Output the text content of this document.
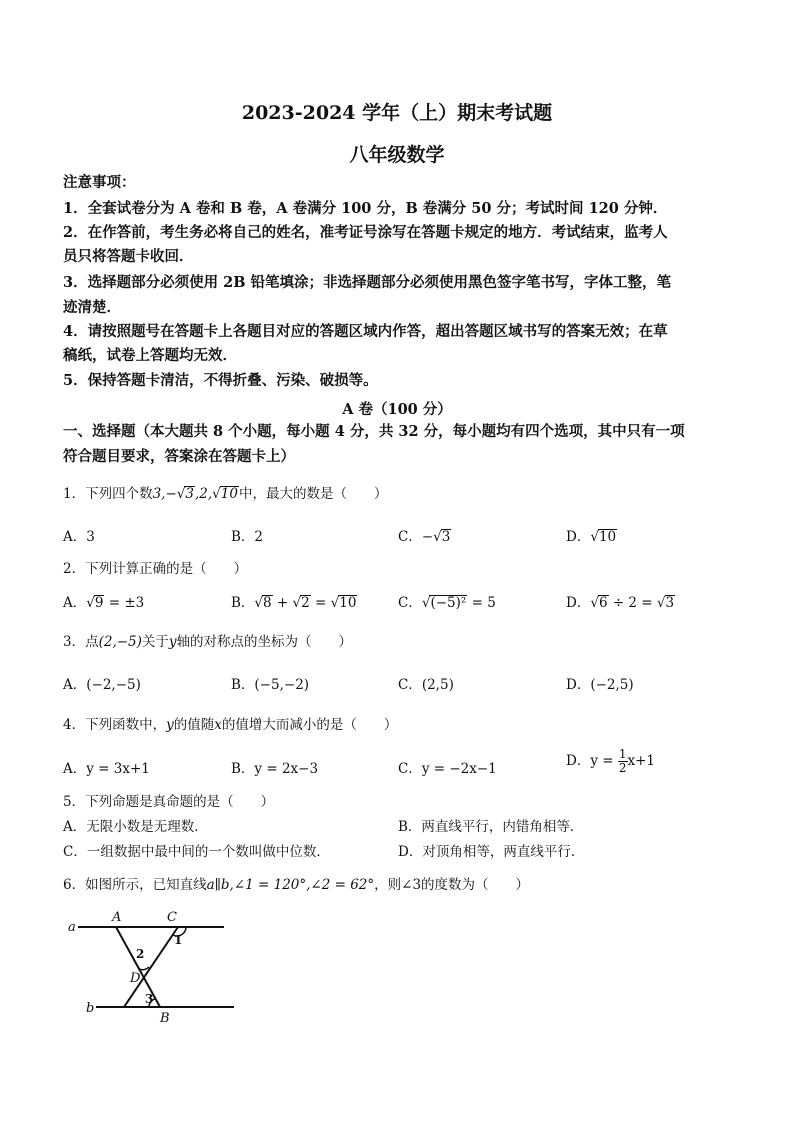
2023-2024 学年（上）期末考试题
八年级数学
注意事项：
1．全套试卷分为 A 卷和 B 卷，A 卷满分 100 分，B 卷满分 50 分；考试时间 120 分钟．
2．在作答前，考生务必将自己的姓名，准考证号涂写在答题卡规定的地方．考试结束，监考人
员只将答题卡收回．
3．选择题部分必须使用 2B 铅笔填涂；非选择题部分必须使用黑色签字笔书写，字体工整，笔
迹清楚．
4．请按照题号在答题卡上各题目对应的答题区域内作答，超出答题区域书写的答案无效；在草
稿纸，试卷上答题均无效．
5．保持答题卡清洁，不得折叠、污染、破损等。
A 卷（100 分）
一、选择题（本大题共 8 个小题，每小题 4 分，共 32 分，每小题均有四个选项，其中只有一项
符合题目要求，答案涂在答题卡上）
1．下列四个数3,−√3,2,√10中，最大的数是（　　）
A．3	B．2	C．−√3	D．√10
2．下列计算正确的是（　　）
A．√9 = ±3	B．√8 + √2 = √10	C．√(−5)² = 5	D．√6 ÷ 2 = √3
3．点(2,−5)关于y轴的对称点的坐标为（　　）
A．(−2,−5)	B．(−5,−2)	C．(2,5)	D．(−2,5)
4．下列函数中，y的值随x的值增大而减小的是（　　）
A．y = 3x+1	B．y = 2x−3	C．y = −2x−1	D．$y = \frac{1}{2} x+1$
5．下列命题是真命题的是（　　）
A．无限小数是无理数．	B．两直线平行，内错角相等．
C．一组数据中最中间的一个数叫做中位数．	D．对顶角相等，两直线平行．
6．如图所示，已知直线a∥b,∠1 = 120°,∠2 = 62°，则∠3的度数为（　　）
a
b
A	C
D
B
1
2
3
